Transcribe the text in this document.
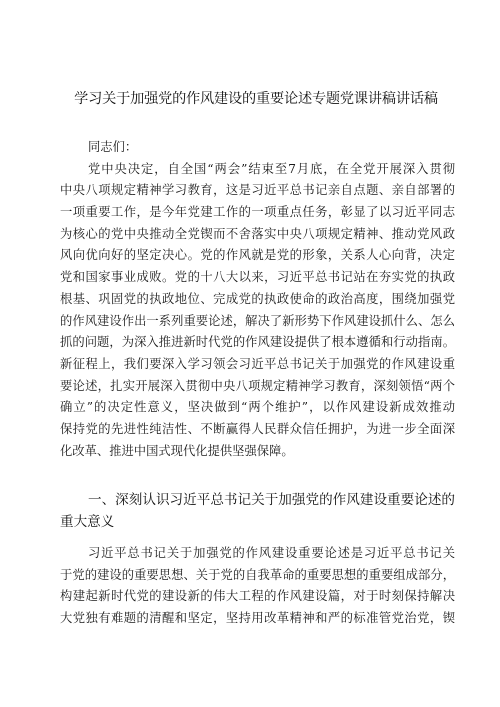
学习关于加强党的作风建设的重要论述专题党课讲稿讲话稿
同志们：
党中央决定，自全国“两会”结束至7月底，在全党开展深入贯彻
中央八项规定精神学习教育，这是习近平总书记亲自点题、亲自部署的
一项重要工作，是今年党建工作的一项重点任务，彰显了以习近平同志
为核心的党中央推动全党锲而不舍落实中央八项规定精神、推动党风政
风向优向好的坚定决心。党的作风就是党的形象，关系人心向背，决定
党和国家事业成败。党的十八大以来，习近平总书记站在夯实党的执政
根基、巩固党的执政地位、完成党的执政使命的政治高度，围绕加强党
的作风建设作出一系列重要论述，解决了新形势下作风建设抓什么、怎么
抓的问题，为深入推进新时代党的作风建设提供了根本遵循和行动指南。
新征程上，我们要深入学习领会习近平总书记关于加强党的作风建设重
要论述，扎实开展深入贯彻中央八项规定精神学习教育，深刻领悟“两个
确立”的决定性意义，坚决做到“两个维护”，以作风建设新成效推动
保持党的先进性纯洁性、不断赢得人民群众信任拥护，为进一步全面深
化改革、推进中国式现代化提供坚强保障。
一、深刻认识习近平总书记关于加强党的作风建设重要论述的
重大意义
习近平总书记关于加强党的作风建设重要论述是习近平总书记关
于党的建设的重要思想、关于党的自我革命的重要思想的重要组成部分，
构建起新时代党的建设新的伟大工程的作风建设篇，对于时刻保持解决
大党独有难题的清醒和坚定，坚持用改革精神和严的标准管党治党，锲
